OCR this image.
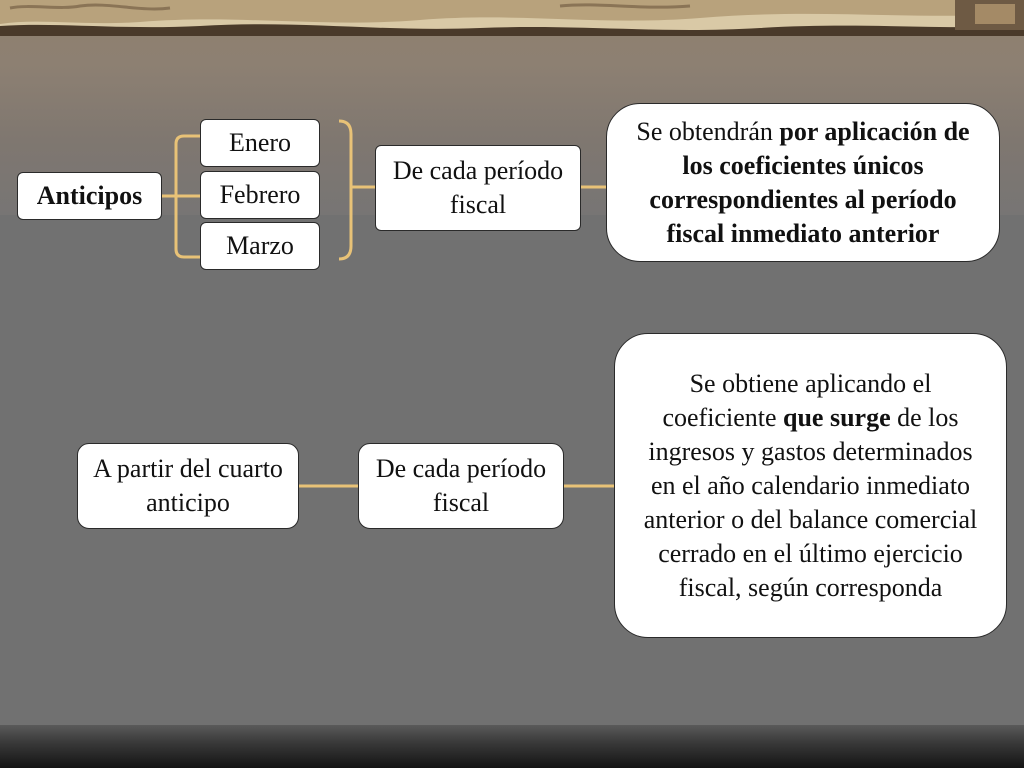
Anticipos
Enero
Febrero
Marzo
De cada período fiscal
Se obtendrán por aplicación de los coeficientes únicos correspondientes al período fiscal inmediato anterior
A partir del cuarto anticipo
De cada período fiscal
Se obtiene aplicando el coeficiente que surge de los ingresos y gastos determinados en el año calendario inmediato anterior o del balance comercial cerrado en el último ejercicio fiscal, según corresponda
